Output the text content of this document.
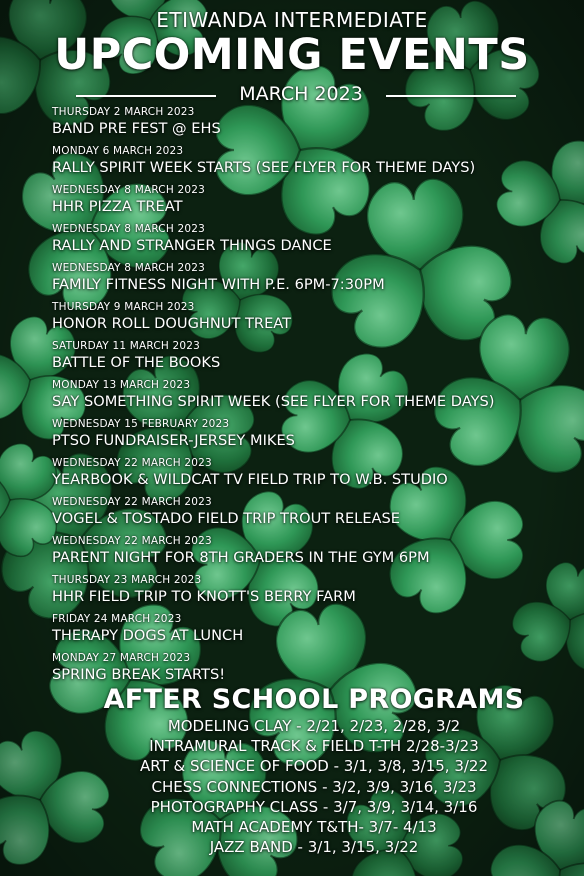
ETIWANDA INTERMEDIATE
UPCOMING EVENTS
MARCH 2023
THURSDAY 2 MARCH 2023
BAND PRE FEST @ EHS
MONDAY 6 MARCH 2023
RALLY SPIRIT WEEK STARTS (SEE FLYER FOR THEME DAYS)
WEDNESDAY 8 MARCH 2023
HHR PIZZA TREAT
WEDNESDAY 8 MARCH 2023
RALLY AND STRANGER THINGS DANCE
WEDNESDAY 8 MARCH 2023
FAMILY FITNESS NIGHT WITH P.E. 6PM-7:30PM
THURSDAY 9 MARCH 2023
HONOR ROLL DOUGHNUT TREAT
SATURDAY 11 MARCH 2023
BATTLE OF THE BOOKS
MONDAY 13 MARCH 2023
SAY SOMETHING SPIRIT WEEK (SEE FLYER FOR THEME DAYS)
WEDNESDAY 15 FEBRUARY 2023
PTSO FUNDRAISER-JERSEY MIKES
WEDNESDAY 22 MARCH 2023
YEARBOOK & WILDCAT TV FIELD TRIP TO W.B. STUDIO
WEDNESDAY 22 MARCH 2023
VOGEL & TOSTADO FIELD TRIP TROUT RELEASE
WEDNESDAY 22 MARCH 2023
PARENT NIGHT FOR 8TH GRADERS IN THE GYM 6PM
THURSDAY 23 MARCH 2023
HHR FIELD TRIP TO KNOTT'S BERRY FARM
FRIDAY 24 MARCH 2023
THERAPY DOGS AT LUNCH
MONDAY 27 MARCH 2023
SPRING BREAK STARTS!
AFTER SCHOOL PROGRAMS
MODELING CLAY - 2/21, 2/23, 2/28, 3/2
INTRAMURAL TRACK & FIELD T-TH 2/28-3/23
ART & SCIENCE OF FOOD - 3/1, 3/8, 3/15, 3/22
CHESS CONNECTIONS - 3/2, 3/9, 3/16, 3/23
PHOTOGRAPHY CLASS - 3/7, 3/9, 3/14, 3/16
MATH ACADEMY T&TH- 3/7- 4/13
JAZZ BAND - 3/1, 3/15, 3/22
